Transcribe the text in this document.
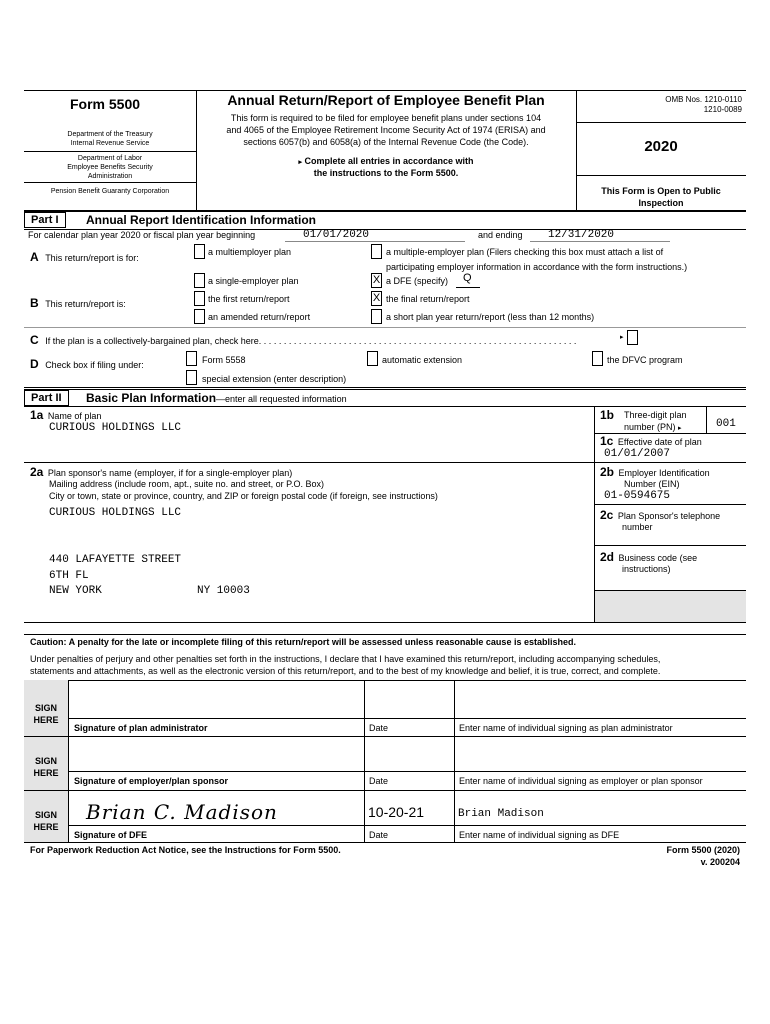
Form 5500
Department of the Treasury
Internal Revenue Service
Department of Labor
Employee Benefits Security
Administration
Pension Benefit Guaranty Corporation
Annual Return/Report of Employee Benefit Plan
This form is required to be filed for employee benefit plans under sections 104
and 4065 of the Employee Retirement Income Security Act of 1974 (ERISA) and
sections 6057(b) and 6058(a) of the Internal Revenue Code (the Code).
▸ Complete all entries in accordance with
the instructions to the Form 5500.
OMB Nos. 1210-0110
1210-0089
2020
This Form is Open to Public
Inspection
Part I	Annual Report Identification Information
For calendar plan year 2020 or fiscal plan year beginning	01/01/2020	and ending 12/31/2020
A This return/report is for:
a multiemployer plan	a multiple-employer plan (Filers checking this box must attach a list of
participating employer information in accordance with the form instructions.)
a single-employer plan	X a DFE (specify) Q
B This return/report is:	the first return/report	X the final return/report
an amended return/report	a short plan year return/report (less than 12 months)
C If the plan is a collectively-bargained plan, check here. . . . . . . . . . . . . . . . . . . . . . . . . . . . . . . . . . . . . . . . . . . . . . . . . . . . . . . . . . . . . . . .	▸
D Check box if filing under:	Form 5558	automatic extension	the DFVC program
special extension (enter description)
Part II	Basic Plan Information—enter all requested information
1a Name of plan
CURIOUS HOLDINGS LLC
1b Three-digit plan
number (PN) ▸	001
1c Effective date of plan
01/01/2007
2a Plan sponsor's name (employer, if for a single-employer plan)
Mailing address (include room, apt., suite no. and street, or P.O. Box)
City or town, state or province, country, and ZIP or foreign postal code (if foreign, see instructions)
CURIOUS HOLDINGS LLC
440 LAFAYETTE STREET
6TH FL
NEW YORK	NY 10003
2b Employer Identification
Number (EIN)
01-0594675
2c Plan Sponsor's telephone
number
2d Business code (see
instructions)
Caution: A penalty for the late or incomplete filing of this return/report will be assessed unless reasonable cause is established.
Under penalties of perjury and other penalties set forth in the instructions, I declare that I have examined this return/report, including accompanying schedules,
statements and attachments, as well as the electronic version of this return/report, and to the best of my knowledge and belief, it is true, correct, and complete.
SIGN
HERE
Signature of plan administrator	Date	Enter name of individual signing as plan administrator
SIGN
HERE
Signature of employer/plan sponsor	Date	Enter name of individual signing as employer or plan sponsor
SIGN
HERE
Brian C. Madison	10-20-21	Brian Madison
Signature of DFE	Date	Enter name of individual signing as DFE
For Paperwork Reduction Act Notice, see the Instructions for Form 5500.	Form 5500 (2020)
v. 200204
